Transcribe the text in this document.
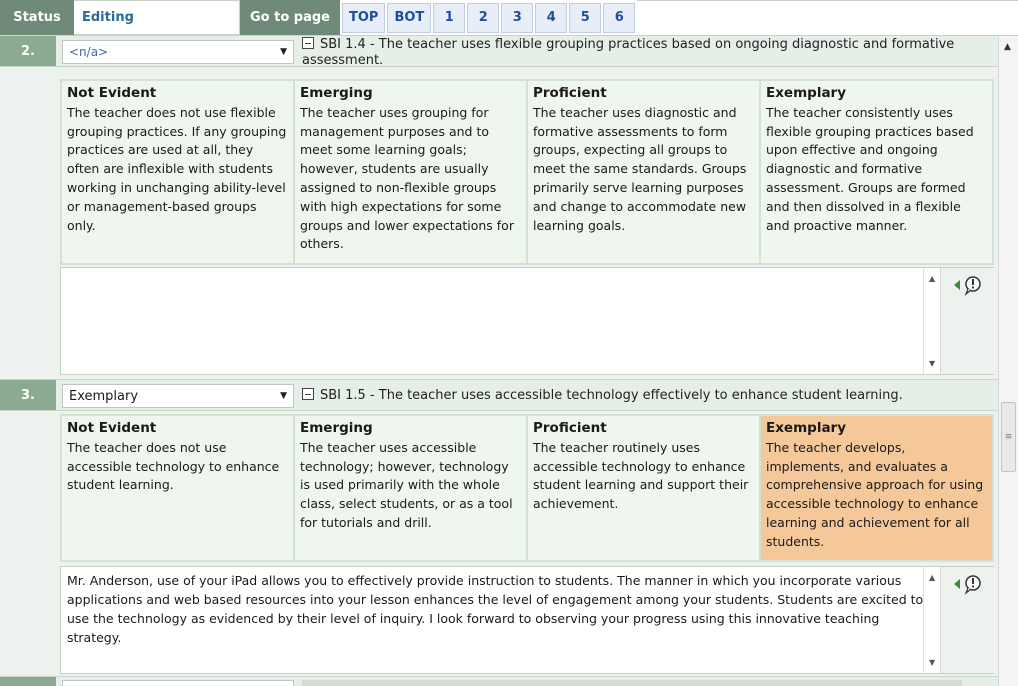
Status	Editing	Go to page	TOP	BOT	1	2	3	4	5	6
2.	<n/a>	▼	SBI 1.4 - The teacher uses flexible grouping practices based on ongoing diagnostic and formative assessment.
Not Evident

The teacher does not use flexible grouping practices. If any grouping practices are used at all, they often are inflexible with students working in unchanging ability-level or management-based groups only.

Emerging

The teacher uses grouping for management purposes and to meet some learning goals; however, students are usually assigned to non-flexible groups with high expectations for some groups and lower expectations for others.

Proficient

The teacher uses diagnostic and formative assessments to form groups, expecting all groups to meet the same standards. Groups primarily serve learning purposes and change to accommodate new learning goals.

Exemplary

The teacher consistently uses flexible grouping practices based upon effective and ongoing diagnostic and formative assessment. Groups are formed and then dissolved in a flexible and proactive manner.

▲
▼
3.	Exemplary	▼	SBI 1.5 - The teacher uses accessible technology effectively to enhance student learning.
Not Evident

The teacher does not use accessible technology to enhance student learning.

Emerging

The teacher uses accessible technology; however, technology is used primarily with the whole class, select students, or as a tool for tutorials and drill.

Proficient

The teacher routinely uses accessible technology to enhance student learning and support their achievement.

Exemplary

The teacher develops, implements, and evaluates a comprehensive approach for using accessible technology to enhance learning and achievement for all students.

Mr. Anderson, use of your iPad allows you to effectively provide instruction to students. The manner in which you incorporate various applications and web based resources into your lesson enhances the level of engagement among your students. Students are excited to use the technology as evidenced by their level of inquiry. I look forward to observing your progress using this innovative teaching strategy.
▲
▼
▲
≡
